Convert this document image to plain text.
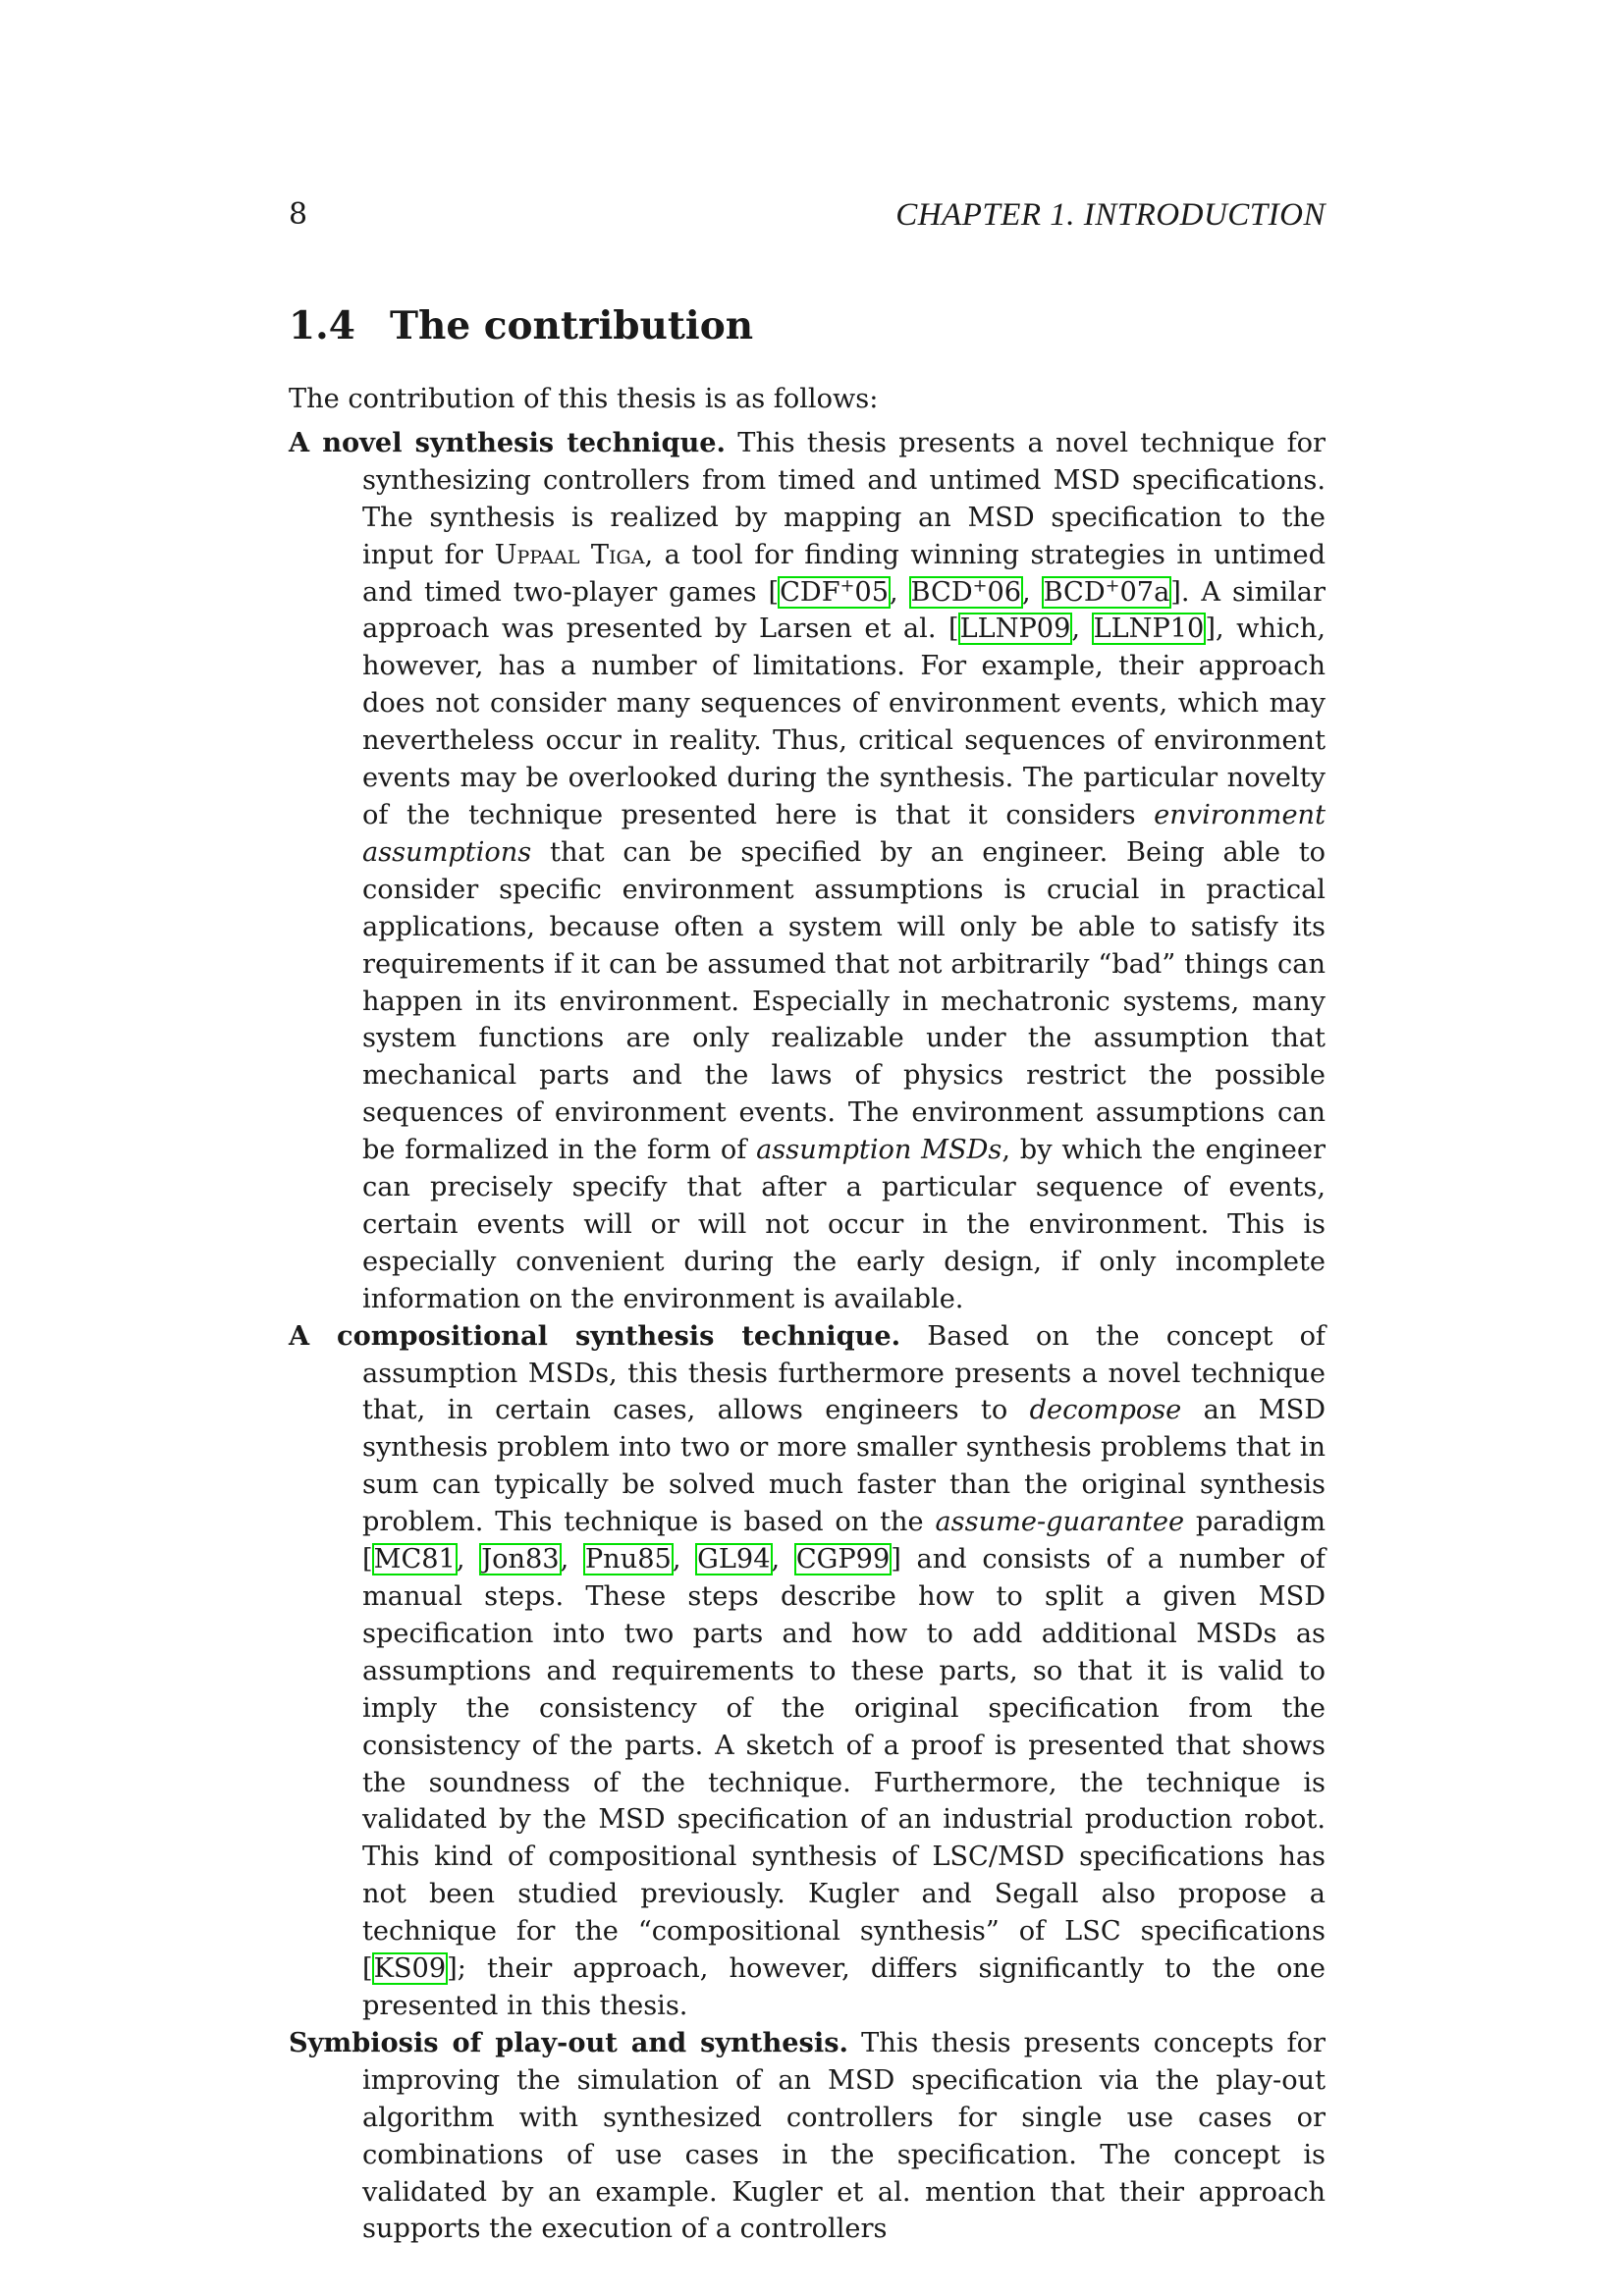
8	CHAPTER 1. INTRODUCTION
1.4 The contribution

The contribution of this thesis is as follows:

A novel synthesis technique. This thesis presents a novel technique for synthesizing controllers from timed and untimed MSD specifications. The synthesis is realized by mapping an MSD specification to the input for Uppaal Tiga, a tool for finding winning strategies in untimed and timed two-player games [CDF+05, BCD+06, BCD+07a]. A similar approach was presented by Larsen et al. [LLNP09, LLNP10], which, however, has a number of limitations. For example, their approach does not consider many sequences of environment events, which may nevertheless occur in reality. Thus, critical sequences of environment events may be overlooked during the synthesis. The particular novelty of the technique presented here is that it considers environment assumptions that can be specified by an engineer. Being able to consider specific environment assumptions is crucial in practical applications, because often a system will only be able to satisfy its requirements if it can be assumed that not arbitrarily “bad” things can happen in its environment. Especially in mechatronic systems, many system functions are only realizable under the assumption that mechanical parts and the laws of physics restrict the possible sequences of environment events. The environment assumptions can be formalized in the form of assumption MSDs, by which the engineer can precisely specify that after a particular sequence of events, certain events will or will not occur in the environment. This is especially convenient during the early design, if only incomplete information on the environment is available.

A compositional synthesis technique. Based on the concept of assumption MSDs, this thesis furthermore presents a novel technique that, in certain cases, allows engineers to decompose an MSD synthesis problem into two or more smaller synthesis problems that in sum can typically be solved much faster than the original synthesis problem. This technique is based on the assume-guarantee paradigm [MC81, Jon83, Pnu85, GL94, CGP99] and consists of a number of manual steps. These steps describe how to split a given MSD specification into two parts and how to add additional MSDs as assumptions and requirements to these parts, so that it is valid to imply the consistency of the original specification from the consistency of the parts. A sketch of a proof is presented that shows the soundness of the technique. Furthermore, the technique is validated by the MSD specification of an industrial production robot. This kind of compositional synthesis of LSC/MSD specifications has not been studied previously. Kugler and Segall also propose a technique for the “compositional synthesis” of LSC specifications [KS09]; their approach, however, differs significantly to the one presented in this thesis.

Symbiosis of play-out and synthesis. This thesis presents concepts for improving the simulation of an MSD specification via the play-out algorithm with synthesized controllers for single use cases or combinations of use cases in the specification. The concept is validated by an example. Kugler et al. mention that their approach supports the execution of a controllers
